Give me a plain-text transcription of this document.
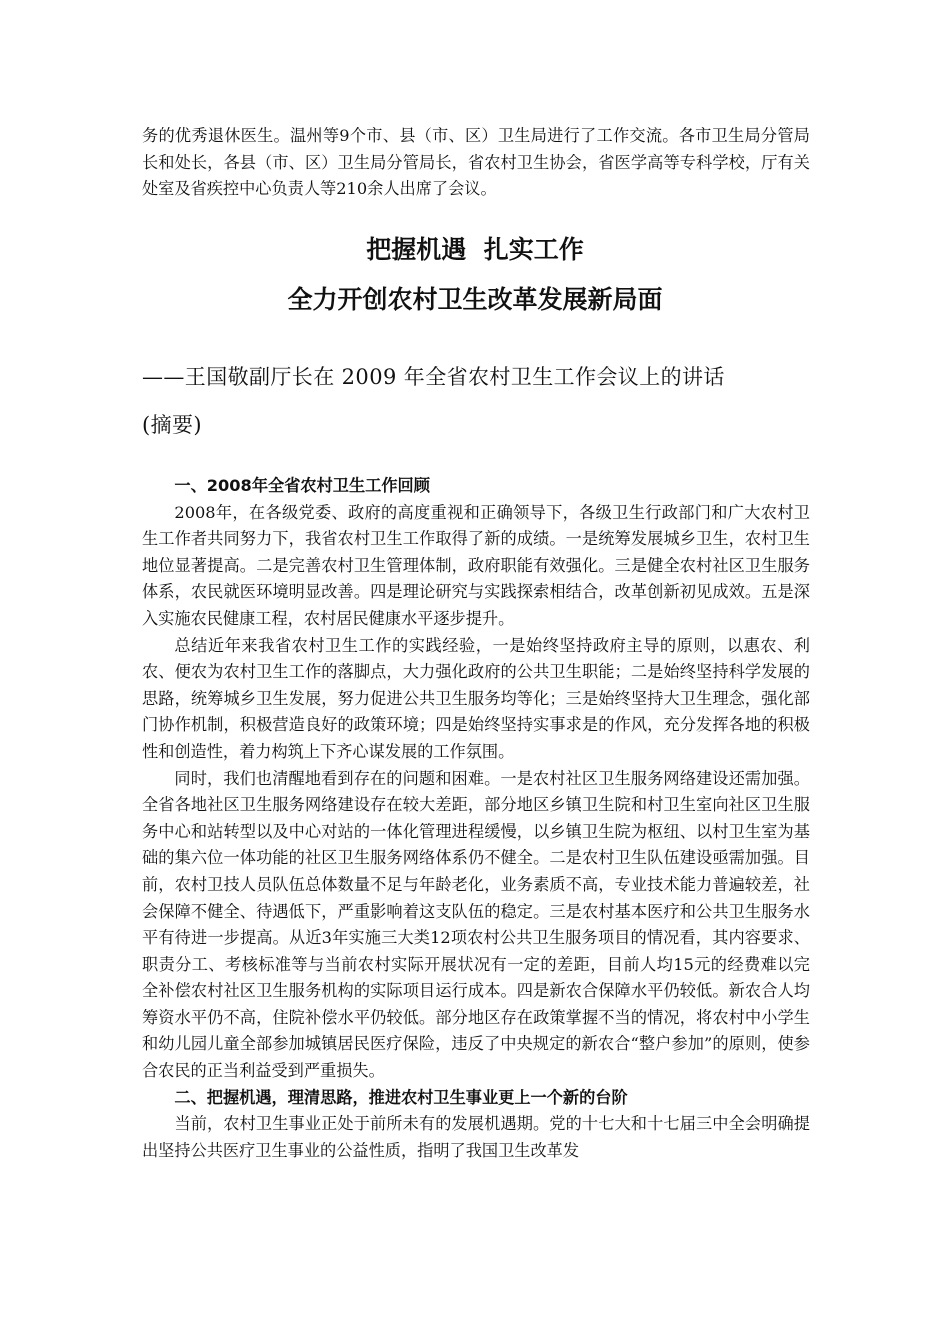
务的优秀退休医生。温州等9个市、县（市、区）卫生局进行了工作交流。各市卫生局分管局长和处长，各县（市、区）卫生局分管局长，省农村卫生协会，省医学高等专科学校，厅有关处室及省疾控中心负责人等210余人出席了会议。

把握机遇  扎实工作
全力开创农村卫生改革发展新局面

——王国敬副厅长在 2009 年全省农村卫生工作会议上的讲话

(摘要)

一、2008年全省农村卫生工作回顾

2008年，在各级党委、政府的高度重视和正确领导下，各级卫生行政部门和广大农村卫生工作者共同努力下，我省农村卫生工作取得了新的成绩。一是统筹发展城乡卫生，农村卫生地位显著提高。二是完善农村卫生管理体制，政府职能有效强化。三是健全农村社区卫生服务体系，农民就医环境明显改善。四是理论研究与实践探索相结合，改革创新初见成效。五是深入实施农民健康工程，农村居民健康水平逐步提升。

总结近年来我省农村卫生工作的实践经验，一是始终坚持政府主导的原则，以惠农、利农、便农为农村卫生工作的落脚点，大力强化政府的公共卫生职能；二是始终坚持科学发展的思路，统筹城乡卫生发展，努力促进公共卫生服务均等化；三是始终坚持大卫生理念，强化部门协作机制，积极营造良好的政策环境；四是始终坚持实事求是的作风，充分发挥各地的积极性和创造性，着力构筑上下齐心谋发展的工作氛围。

同时，我们也清醒地看到存在的问题和困难。一是农村社区卫生服务网络建设还需加强。全省各地社区卫生服务网络建设存在较大差距，部分地区乡镇卫生院和村卫生室向社区卫生服务中心和站转型以及中心对站的一体化管理进程缓慢，以乡镇卫生院为枢纽、以村卫生室为基础的集六位一体功能的社区卫生服务网络体系仍不健全。二是农村卫生队伍建设亟需加强。目前，农村卫技人员队伍总体数量不足与年龄老化，业务素质不高，专业技术能力普遍较差，社会保障不健全、待遇低下，严重影响着这支队伍的稳定。三是农村基本医疗和公共卫生服务水平有待进一步提高。从近3年实施三大类12项农村公共卫生服务项目的情况看，其内容要求、职责分工、考核标准等与当前农村实际开展状况有一定的差距，目前人均15元的经费难以完全补偿农村社区卫生服务机构的实际项目运行成本。四是新农合保障水平仍较低。新农合人均筹资水平仍不高，住院补偿水平仍较低。部分地区存在政策掌握不当的情况，将农村中小学生和幼儿园儿童全部参加城镇居民医疗保险，违反了中央规定的新农合“整户参加”的原则，使参合农民的正当利益受到严重损失。

二、把握机遇，理清思路，推进农村卫生事业更上一个新的台阶

当前，农村卫生事业正处于前所未有的发展机遇期。党的十七大和十七届三中全会明确提出坚持公共医疗卫生事业的公益性质，指明了我国卫生改革发
